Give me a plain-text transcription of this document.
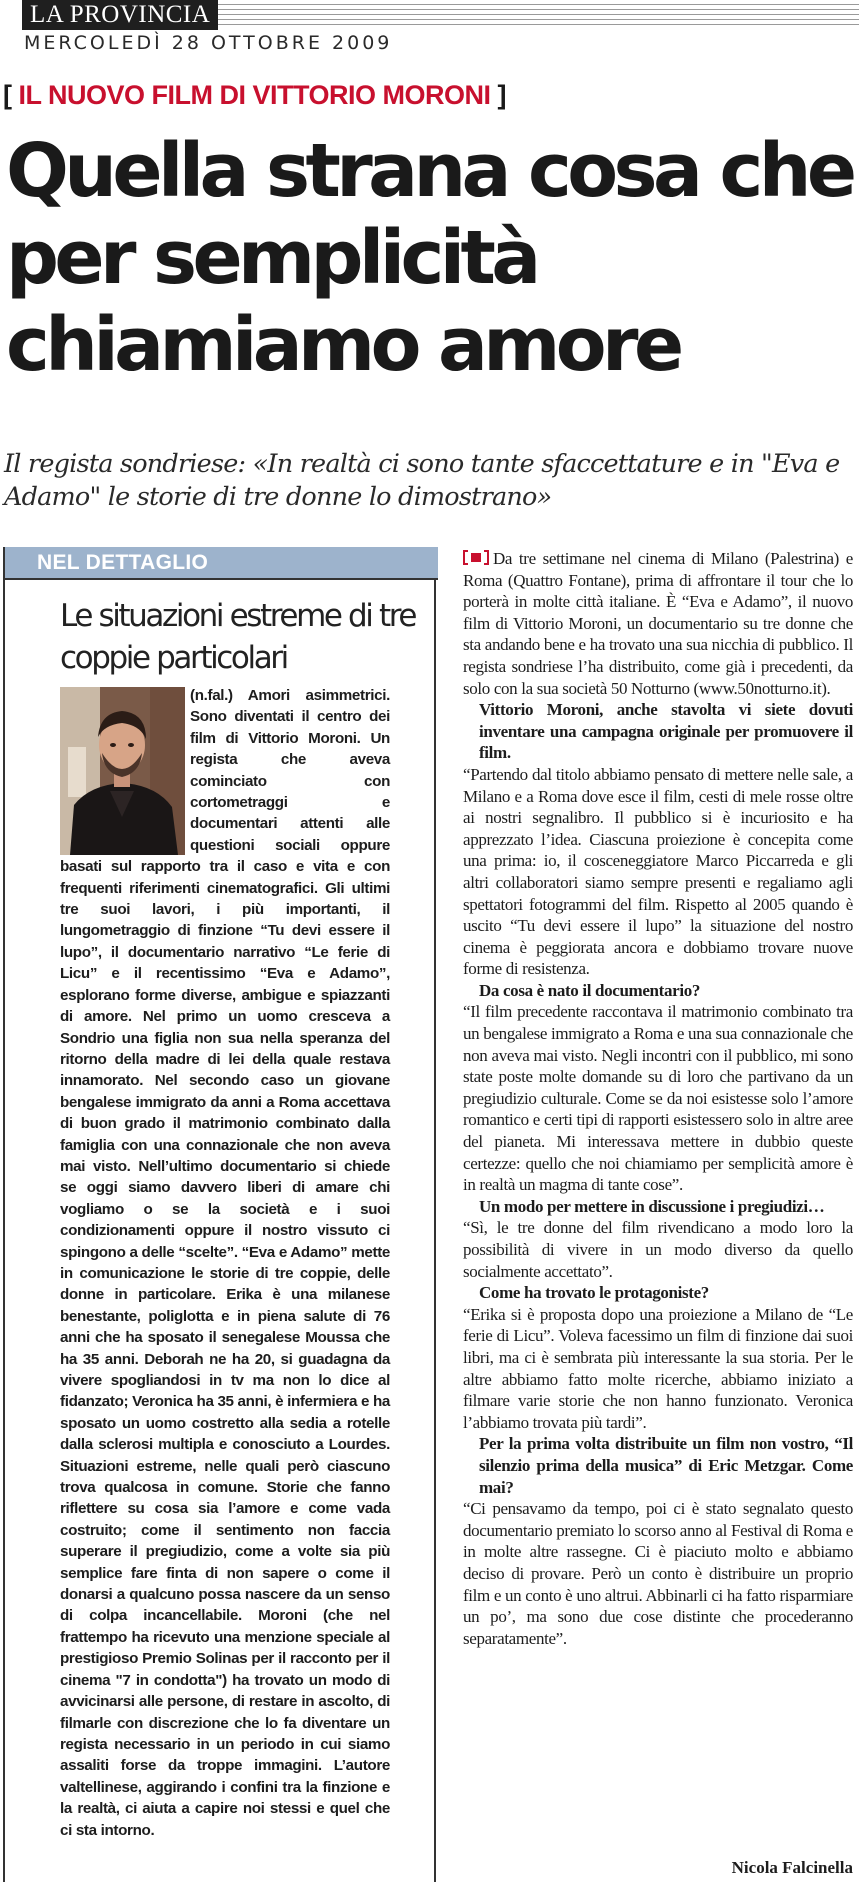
LA PROVINCIA
MERCOLEDÌ 28 OTTOBRE 2009
[ IL NUOVO FILM DI VITTORIO MORONI ]
Quella strana cosa che per semplicità chiamiamo amore

Il regista sondriese: «In realtà ci sono tante sfaccettature e in "Eva e Adamo" le storie di tre donne lo dimostrano»

NEL DETTAGLIO
Le situazioni estreme di tre coppie particolari

(n.fal.) Amori asimmetrici. Sono diventati il centro dei film di Vittorio Moroni. Un regista che aveva cominciato con cortometraggi e documentari attenti alle questioni sociali oppure basati sul rapporto tra il caso e vita e con frequenti riferimenti cinematografici. Gli ultimi tre suoi lavori, i più importanti, il lungometraggio di finzione “Tu devi essere il lupo”, il documentario narrativo “Le ferie di Licu” e il recentissimo “Eva e Adamo”, esplorano forme diverse, ambigue e spiazzanti di amore. Nel primo un uomo cresceva a Sondrio una figlia non sua nella speranza del ritorno della madre di lei della quale restava innamorato. Nel secondo caso un giovane bengalese immigrato da anni a Roma accettava di buon grado il matrimonio combinato dalla famiglia con una connazionale che non aveva mai visto. Nell’ultimo documentario si chiede se oggi siamo davvero liberi di amare chi vogliamo o se la società e i suoi condizionamenti oppure il nostro vissuto ci spingono a delle “scelte”. “Eva e Adamo” mette in comunicazione le storie di tre coppie, delle donne in particolare. Erika è una milanese benestante, poliglotta e in piena salute di 76 anni che ha sposato il senegalese Moussa che ha 35 anni. Deborah ne ha 20, si guadagna da vivere spogliandosi in tv ma non lo dice al fidanzato; Veronica ha 35 anni, è infermiera e ha sposato un uomo costretto alla sedia a rotelle dalla sclerosi multipla e conosciuto a Lourdes. Situazioni estreme, nelle quali però ciascuno trova qualcosa in comune. Storie che fanno riflettere su cosa sia l’amore e come vada costruito; come il sentimento non faccia superare il pregiudizio, come a volte sia più semplice fare finta di non sapere o come il donarsi a qualcuno possa nascere da un senso di colpa incancellabile. Moroni (che nel frattempo ha ricevuto una menzione speciale al prestigioso Premio Solinas per il racconto per il cinema "7 in condotta") ha trovato un modo di avvicinarsi alle persone, di restare in ascolto, di filmarle con discrezione che lo fa diventare un regista necessario in un periodo in cui siamo assaliti forse da troppe immagini. L’autore valtellinese, aggirando i confini tra la finzione e la realtà, ci aiuta a capire noi stessi e quel che ci sta intorno.

Da tre settimane nel cinema di Milano (Palestrina) e Roma (Quattro Fontane), prima di affrontare il tour che lo porterà in molte città italiane. È “Eva e Adamo”, il nuovo film di Vittorio Moroni, un documentario su tre donne che sta andando bene e ha trovato una sua nicchia di pubblico. Il regista sondriese l’ha distribuito, come già i precedenti, da solo con la sua società 50 Notturno (www.50notturno.it).

Vittorio Moroni, anche stavolta vi siete dovuti inventare una campagna originale per promuovere il film.

“Partendo dal titolo abbiamo pensato di mettere nelle sale, a Milano e a Roma dove esce il film, cesti di mele rosse oltre ai nostri segnalibro. Il pubblico si è incuriosito e ha apprezzato l’idea. Ciascuna proiezione è concepita come una prima: io, il cosceneggiatore Marco Piccarreda e gli altri collaboratori siamo sempre presenti e regaliamo agli spettatori fotogrammi del film. Rispetto al 2005 quando è uscito “Tu devi essere il lupo” la situazione del nostro cinema è peggiorata ancora e dobbiamo trovare nuove forme di resistenza.

Da cosa è nato il documentario?

“Il film precedente raccontava il matrimonio combinato tra un bengalese immigrato a Roma e una sua connazionale che non aveva mai visto. Negli incontri con il pubblico, mi sono state poste molte domande su di loro che partivano da un pregiudizio culturale. Come se da noi esistesse solo l’amore romantico e certi tipi di rapporti esistessero solo in altre aree del pianeta. Mi interessava mettere in dubbio queste certezze: quello che noi chiamiamo per semplicità amore è in realtà un magma di tante cose”.

Un modo per mettere in discussione i pregiudizi…

“Sì, le tre donne del film rivendicano a modo loro la possibilità di vivere in un modo diverso da quello socialmente accettato”.

Come ha trovato le protagoniste?

“Erika si è proposta dopo una proiezione a Milano de “Le ferie di Licu”. Voleva facessimo un film di finzione dai suoi libri, ma ci è sembrata più interessante la sua storia. Per le altre abbiamo fatto molte ricerche, abbiamo iniziato a filmare varie storie che non hanno funzionato. Veronica l’abbiamo trovata più tardi”.

Per la prima volta distribuite un film non vostro, “Il silenzio prima della musica” di Eric Metzgar. Come mai?

“Ci pensavamo da tempo, poi ci è stato segnalato questo documentario premiato lo scorso anno al Festival di Roma e in molte altre rassegne. Ci è piaciuto molto e abbiamo deciso di provare. Però un conto è distribuire un proprio film e un conto è uno altrui. Abbinarli ci ha fatto risparmiare un po’, ma sono due cose distinte che procederanno separatamente”.

Nicola Falcinella
